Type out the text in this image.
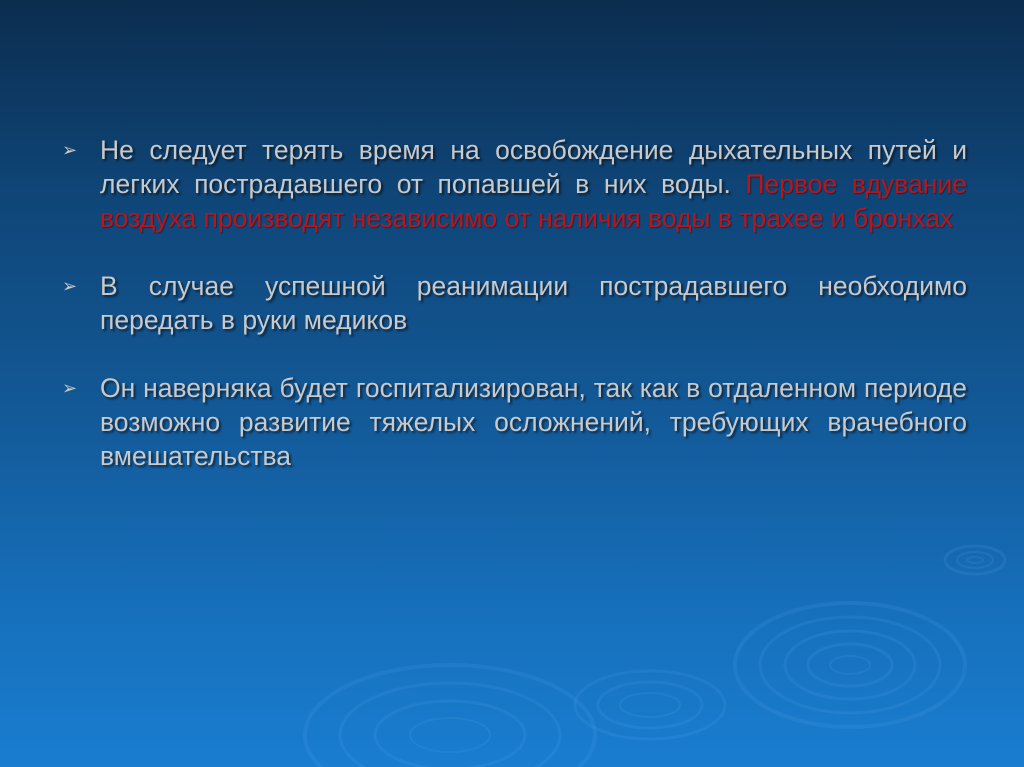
➢ Не следует терять время на освобождение дыхательных путей и легких пострадавшего от попавшей в них воды. Первое вдувание воздуха производят независимо от наличия воды в трахее и бронхах
➢ В случае успешной реанимации пострадавшего необходимо передать в руки медиков
➢ Он наверняка будет госпитализирован, так как в отдаленном периоде возможно развитие тяжелых осложнений, требующих врачебного вмешательства
